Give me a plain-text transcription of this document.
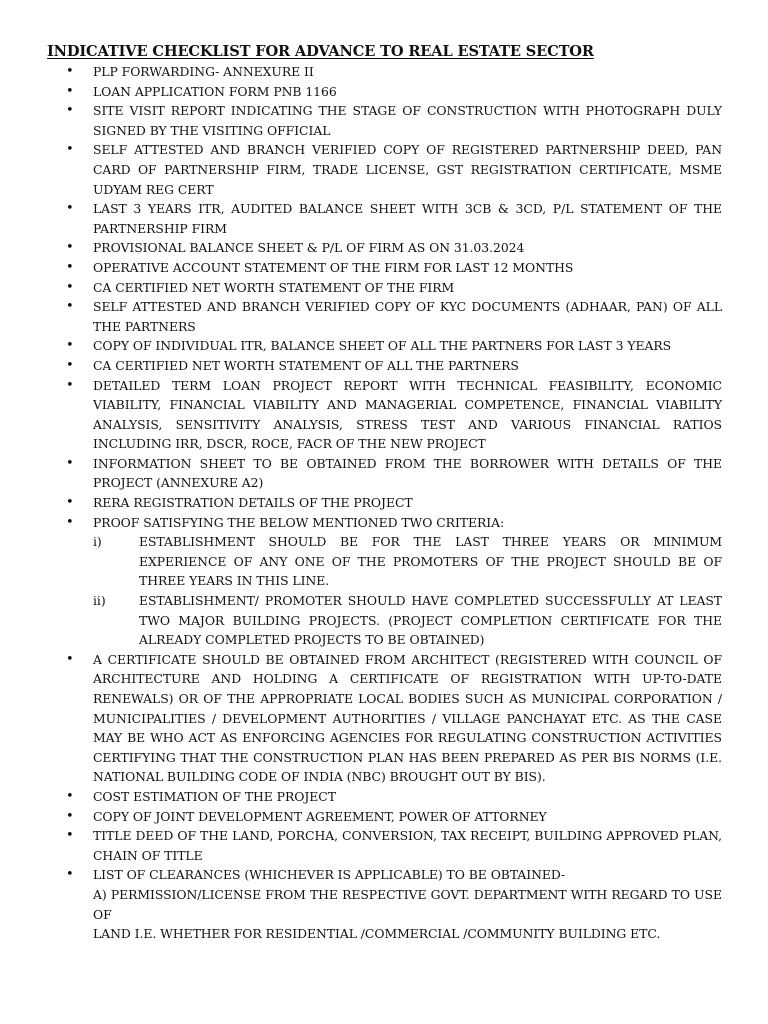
INDICATIVE CHECKLIST FOR ADVANCE TO REAL ESTATE SECTOR
• PLP FORWARDING- ANNEXURE II
• LOAN APPLICATION FORM PNB 1166
• SITE VISIT REPORT INDICATING THE STAGE OF CONSTRUCTION WITH PHOTOGRAPH DULY SIGNED BY THE VISITING OFFICIAL
• SELF ATTESTED AND BRANCH VERIFIED COPY OF REGISTERED PARTNERSHIP DEED, PAN CARD OF PARTNERSHIP FIRM, TRADE LICENSE, GST REGISTRATION CERTIFICATE, MSME UDYAM REG CERT
• LAST 3 YEARS ITR, AUDITED BALANCE SHEET WITH 3CB & 3CD, P/L STATEMENT OF THE PARTNERSHIP FIRM
• PROVISIONAL BALANCE SHEET & P/L OF FIRM AS ON 31.03.2024
• OPERATIVE ACCOUNT STATEMENT OF THE FIRM FOR LAST 12 MONTHS
• CA CERTIFIED NET WORTH STATEMENT OF THE FIRM
• SELF ATTESTED AND BRANCH VERIFIED COPY OF KYC DOCUMENTS (ADHAAR, PAN) OF ALL THE PARTNERS
• COPY OF INDIVIDUAL ITR, BALANCE SHEET OF ALL THE PARTNERS FOR LAST 3 YEARS
• CA CERTIFIED NET WORTH STATEMENT OF ALL THE PARTNERS
• DETAILED TERM LOAN PROJECT REPORT WITH TECHNICAL FEASIBILITY, ECONOMIC VIABILITY, FINANCIAL VIABILITY AND MANAGERIAL COMPETENCE, FINANCIAL VIABILITY ANALYSIS, SENSITIVITY ANALYSIS, STRESS TEST AND VARIOUS FINANCIAL RATIOS INCLUDING IRR, DSCR, ROCE, FACR OF THE NEW PROJECT
• INFORMATION SHEET TO BE OBTAINED FROM THE BORROWER WITH DETAILS OF THE PROJECT (ANNEXURE A2)
• RERA REGISTRATION DETAILS OF THE PROJECT
• PROOF SATISFYING THE BELOW MENTIONED TWO CRITERIA:
i)	ESTABLISHMENT SHOULD BE FOR THE LAST THREE YEARS OR MINIMUM EXPERIENCE OF ANY ONE OF THE PROMOTERS OF THE PROJECT SHOULD BE OF THREE YEARS IN THIS LINE.
ii)	ESTABLISHMENT/ PROMOTER SHOULD HAVE COMPLETED SUCCESSFULLY AT LEAST TWO MAJOR BUILDING PROJECTS. (PROJECT COMPLETION CERTIFICATE FOR THE ALREADY COMPLETED PROJECTS TO BE OBTAINED)
• A CERTIFICATE SHOULD BE OBTAINED FROM ARCHITECT (REGISTERED WITH COUNCIL OF ARCHITECTURE AND HOLDING A CERTIFICATE OF REGISTRATION WITH UP-TO-DATE RENEWALS) OR OF THE APPROPRIATE LOCAL BODIES SUCH AS MUNICIPAL CORPORATION / MUNICIPALITIES / DEVELOPMENT AUTHORITIES / VILLAGE PANCHAYAT ETC. AS THE CASE MAY BE WHO ACT AS ENFORCING AGENCIES FOR REGULATING CONSTRUCTION ACTIVITIES CERTIFYING THAT THE CONSTRUCTION PLAN HAS BEEN PREPARED AS PER BIS NORMS (I.E. NATIONAL BUILDING CODE OF INDIA (NBC) BROUGHT OUT BY BIS).
• COST ESTIMATION OF THE PROJECT
• COPY OF JOINT DEVELOPMENT AGREEMENT, POWER OF ATTORNEY
• TITLE DEED OF THE LAND, PORCHA, CONVERSION, TAX RECEIPT, BUILDING APPROVED PLAN, CHAIN OF TITLE
• LIST OF CLEARANCES (WHICHEVER IS APPLICABLE) TO BE OBTAINED-
A) PERMISSION/LICENSE FROM THE RESPECTIVE GOVT. DEPARTMENT WITH REGARD TO USE OF
LAND I.E. WHETHER FOR RESIDENTIAL /COMMERCIAL /COMMUNITY BUILDING ETC.
